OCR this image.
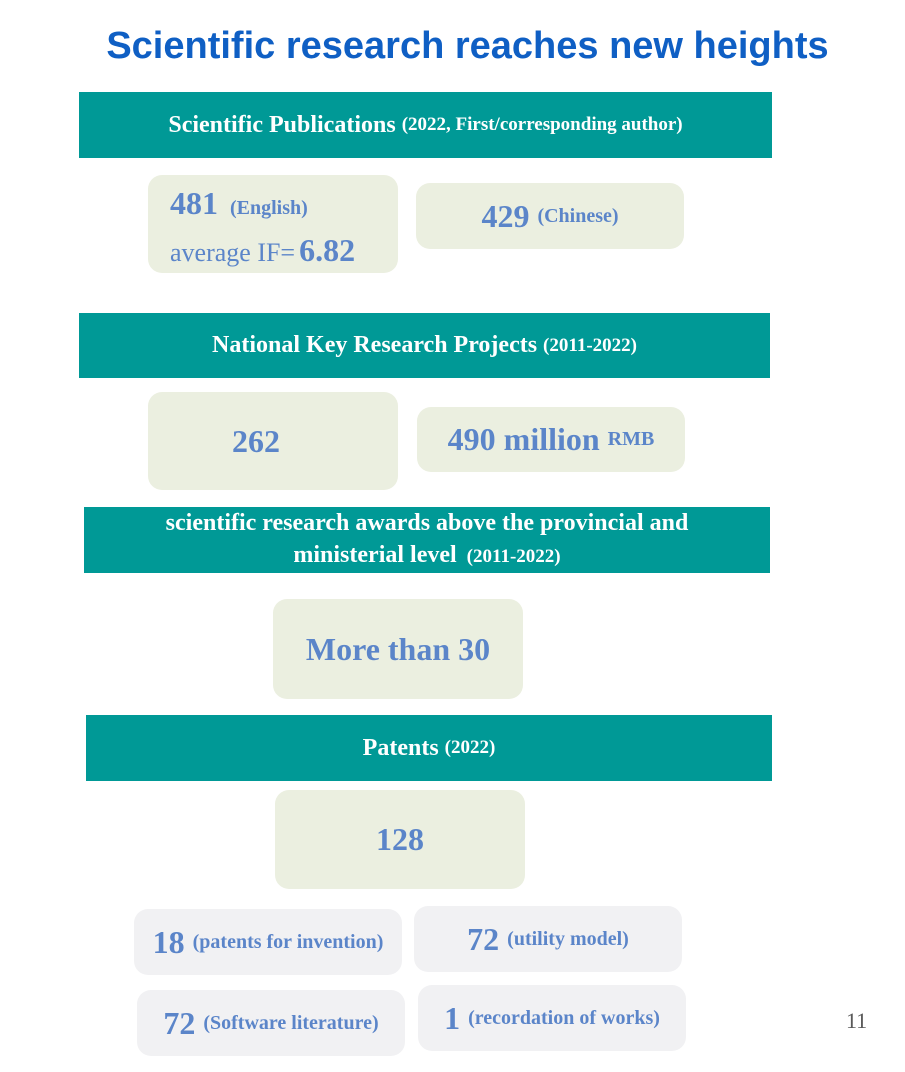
Scientific research reaches new heights
Scientific Publications (2022, First/corresponding author)
481 (English)
average IF= 6.82
429 (Chinese)
National Key Research Projects (2011-2022)
262	490 million RMB
scientific research awards above the provincial and
ministerial level (2011-2022)
More than 30
Patents (2022)
128
18 (patents for invention)	72 (utility model)
72 (Software literature) 1 (recordation of works)	11
